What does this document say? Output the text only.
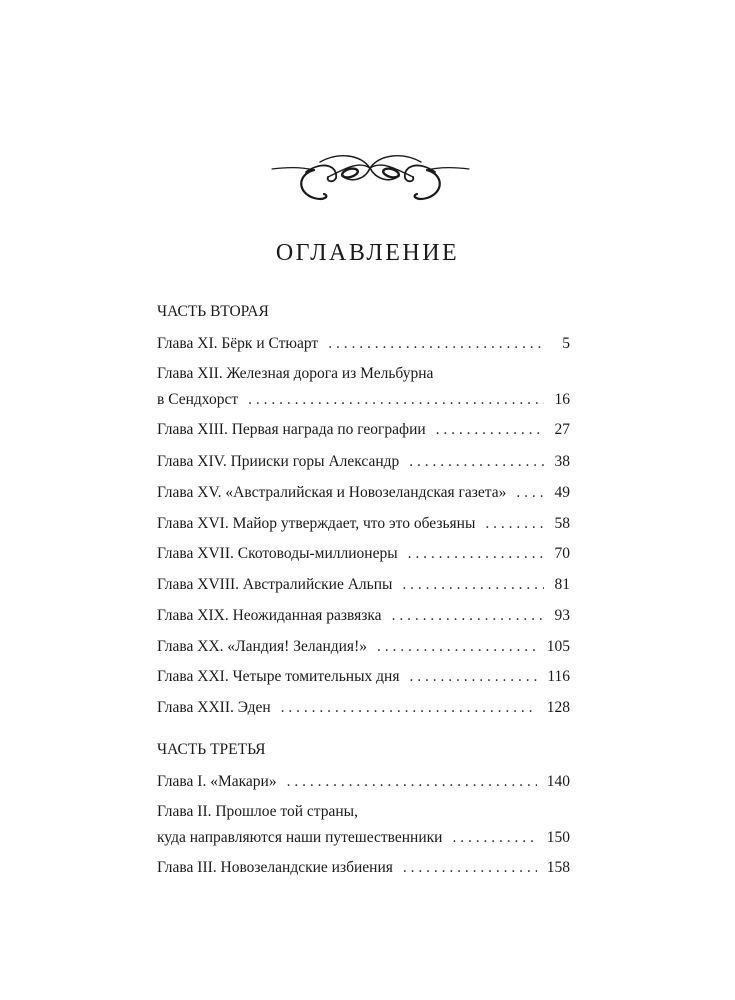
ОГЛАВЛЕНИЕ
ЧАСТЬ ВТОРАЯ
Глава XI. Бёрк и Стюарт . . .	5
Глава XII. Железная дорога из Мельбурна
в Сендхорст . . .	16
Глава XIII. Первая награда по географии . . .	27
Глава XIV. Прииски горы Александр . . .	38
Глава XV. «Австралийская и Новозеландская газета» . . .	49
Глава XVI. Майор утверждает, что это обезьяны . . .	58
Глава XVII. Скотоводы-миллионеры . . .	70
Глава XVIII. Австралийские Альпы . . .	81
Глава XIX. Неожиданная развязка . . .	93
Глава XX. «Ландия! Зеландия!» . . .	105
Глава XXI. Четыре томительных дня . . .	116
Глава XXII. Эден . . .	128
ЧАСТЬ ТРЕТЬЯ
Глава I. «Макари» . . .	140
Глава II. Прошлое той страны,
куда направляются наши путешественники . . .	150
Глава III. Новозеландские избиения . . .	158
